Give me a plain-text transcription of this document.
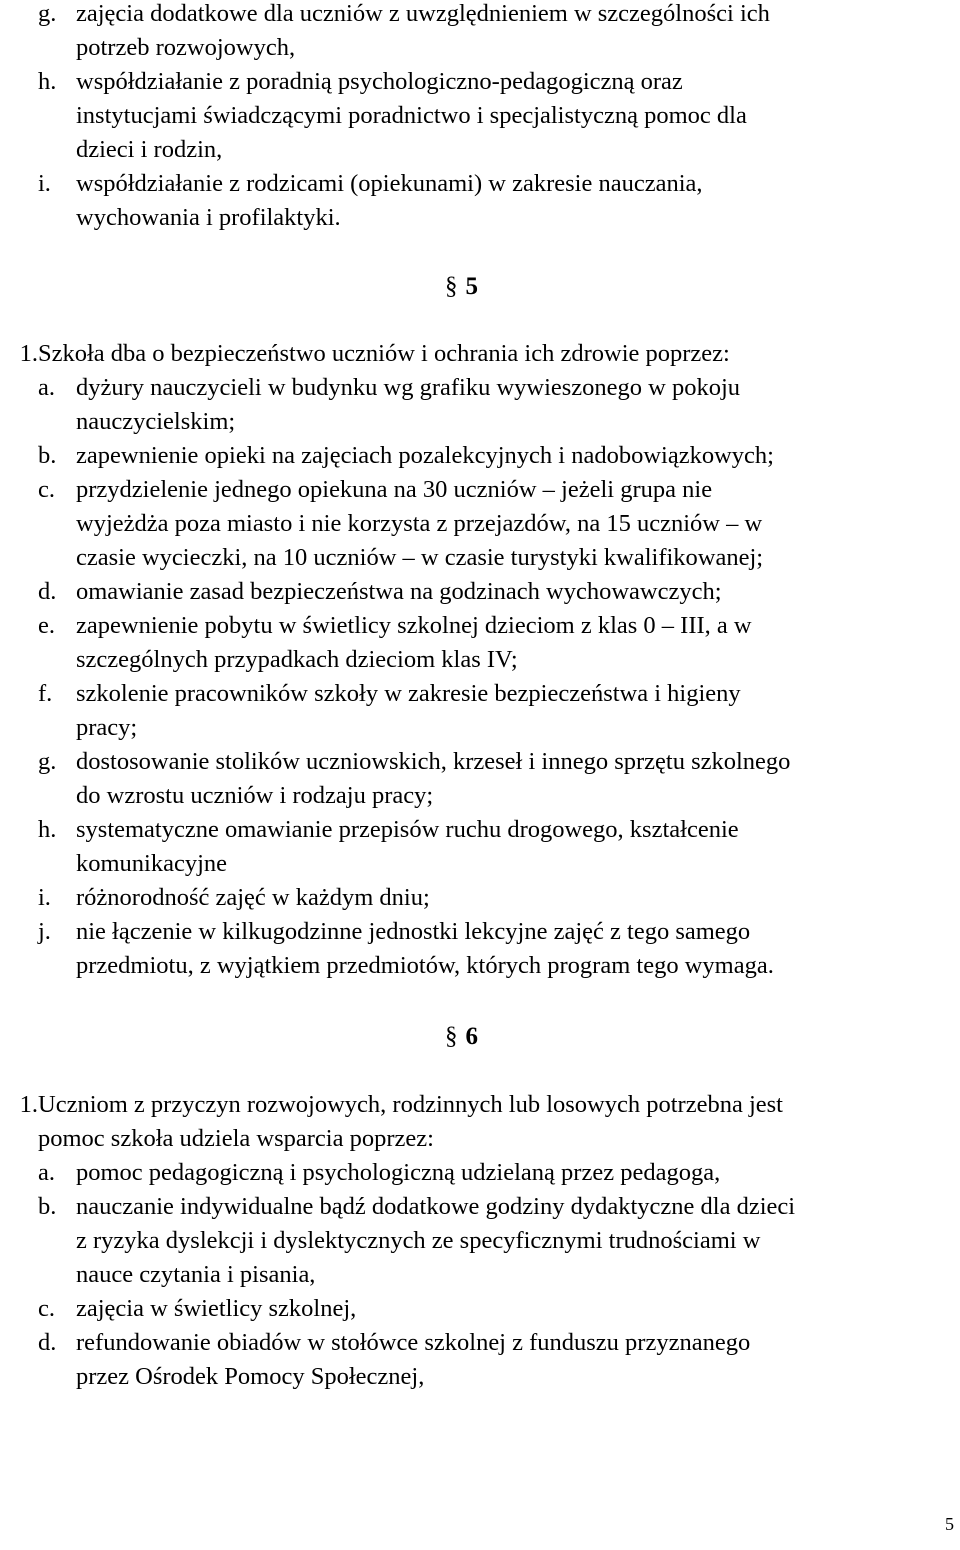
g. zajęcia dodatkowe dla uczniów z uwzględnieniem w szczególności ich
potrzeb rozwojowych,
h. współdziałanie z poradnią psychologiczno-pedagogiczną oraz
instytucjami świadczącymi poradnictwo i specjalistyczną pomoc dla
dzieci i rodzin,
i.	współdziałanie z rodzicami (opiekunami) w zakresie nauczania,
wychowania i profilaktyki.
§ 5
1. Szkoła dba o bezpieczeństwo uczniów i ochrania ich zdrowie poprzez:
a. dyżury nauczycieli w budynku wg grafiku wywieszonego w pokoju
nauczycielskim;
b. zapewnienie opieki na zajęciach pozalekcyjnych i nadobowiązkowych;
c. przydzielenie jednego opiekuna na 30 uczniów – jeżeli grupa nie
wyjeżdża poza miasto i nie korzysta z przejazdów, na 15 uczniów – w
czasie wycieczki, na 10 uczniów – w czasie turystyki kwalifikowanej;
d. omawianie zasad bezpieczeństwa na godzinach wychowawczych;
e. zapewnienie pobytu w świetlicy szkolnej dzieciom z klas 0 – III, a w
szczególnych przypadkach dzieciom klas IV;
f. szkolenie pracowników szkoły w zakresie bezpieczeństwa i higieny
pracy;
g. dostosowanie stolików uczniowskich, krzeseł i innego sprzętu szkolnego
do wzrostu uczniów i rodzaju pracy;
h. systematyczne omawianie przepisów ruchu drogowego, kształcenie
komunikacyjne
i.	różnorodność zajęć w każdym dniu;
j.	nie łączenie w kilkugodzinne jednostki lekcyjne zajęć z tego samego
przedmiotu, z wyjątkiem przedmiotów, których program tego wymaga.
§ 6
1. Uczniom z przyczyn rozwojowych, rodzinnych lub losowych potrzebna jest
pomoc szkoła udziela wsparcia poprzez:
a. pomoc pedagogiczną i psychologiczną udzielaną przez pedagoga,
b. nauczanie indywidualne bądź dodatkowe godziny dydaktyczne dla dzieci
z ryzyka dyslekcji i dyslektycznych ze specyficznymi trudnościami w
nauce czytania i pisania,
c. zajęcia w świetlicy szkolnej,
d. refundowanie obiadów w stołówce szkolnej z funduszu przyznanego
przez Ośrodek Pomocy Społecznej,
5
